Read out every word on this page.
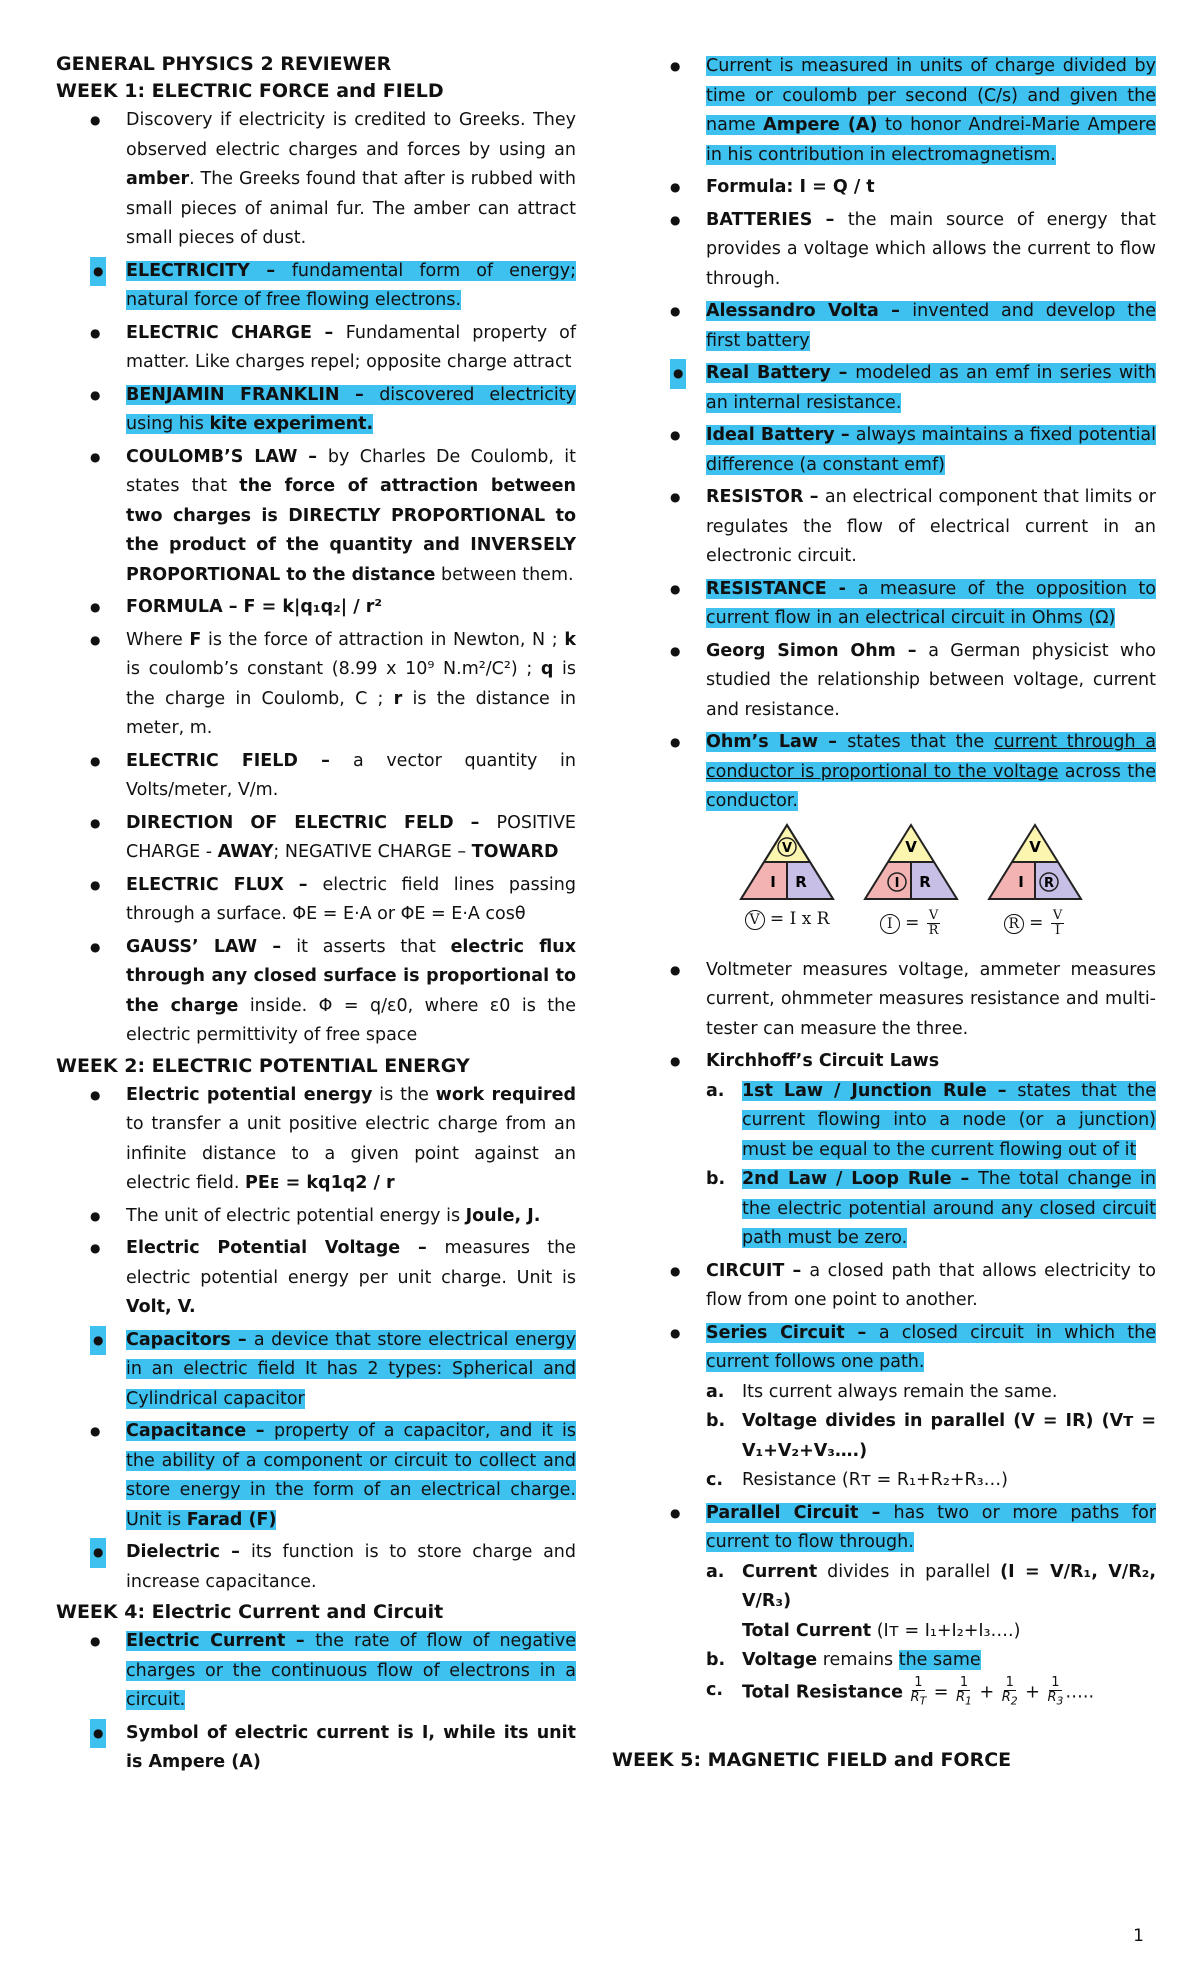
GENERAL PHYSICS 2 REVIEWER
WEEK 1: ELECTRIC FORCE and FIELD
● Discovery if electricity is credited to Greeks. They observed electric charges and forces by using an amber. The Greeks found that after is rubbed with small pieces of animal fur. The amber can attract small pieces of dust.
● ELECTRICITY – fundamental form of energy; natural force of free flowing electrons.
● ELECTRIC CHARGE – Fundamental property of matter. Like charges repel; opposite charge attract
● BENJAMIN FRANKLIN – discovered electricity using his kite experiment.
● COULOMB’S LAW – by Charles De Coulomb, it states that the force of attraction between two charges is DIRECTLY PROPORTIONAL to the product of the quantity and INVERSELY PROPORTIONAL to the distance between them.
● FORMULA – F = k|q₁q₂| / r²
● Where F is the force of attraction in Newton, N ; k is coulomb’s constant (8.99 x 10⁹ N.m²/C²) ; q is the charge in Coulomb, C ; r is the distance in meter, m.
● ELECTRIC FIELD – a vector quantity in Volts/meter, V/m.
● DIRECTION OF ELECTRIC FELD – POSITIVE CHARGE - AWAY; NEGATIVE CHARGE – TOWARD
● ELECTRIC FLUX – electric field lines passing through a surface. ΦE = E·A or ΦE = E·A cosθ
● GAUSS’ LAW – it asserts that electric flux through any closed surface is proportional to the charge inside. Φ = q/ε0, where ε0 is the electric permittivity of free space
WEEK 2: ELECTRIC POTENTIAL ENERGY
● Electric potential energy is the work required to transfer a unit positive electric charge from an infinite distance to a given point against an electric field. PEᴇ = kq1q2 / r
● The unit of electric potential energy is Joule, J.
● Electric Potential Voltage – measures the electric potential energy per unit charge. Unit is Volt, V.
● Capacitors – a device that store electrical energy in an electric field It has 2 types: Spherical and Cylindrical capacitor
● Capacitance – property of a capacitor, and it is the ability of a component or circuit to collect and store energy in the form of an electrical charge. Unit is Farad (F)
● Dielectric – its function is to store charge and increase capacitance.
WEEK 4: Electric Current and Circuit
● Electric Current – the rate of flow of negative charges or the continuous flow of electrons in a circuit.
● Symbol of electric current is I, while its unit is Ampere (A)
● Current is measured in units of charge divided by time or coulomb per second (C/s) and given the name Ampere (A) to honor Andrei-Marie Ampere in his contribution in electromagnetism.
● Formula: I = Q / t
● BATTERIES – the main source of energy that provides a voltage which allows the current to flow through.
● Alessandro Volta – invented and develop the first battery
● Real Battery – modeled as an emf in series with an internal resistance.
● Ideal Battery – always maintains a fixed potential difference (a constant emf)
● RESISTOR – an electrical component that limits or regulates the flow of electrical current in an electronic circuit.
● RESISTANCE - a measure of the opposition to current flow in an electrical circuit in Ohms (Ω)
● Georg Simon Ohm – a German physicist who studied the relationship between voltage, current and resistance.
● Ohm’s Law – states that the current through a conductor is proportional to the voltage across the conductor.
V
I R
V = I x R
V
I R
$I = \frac{V}{R}$
V
I R
$R = \frac{V}{I}$
● Voltmeter measures voltage, ammeter measures current, ohmmeter measures resistance and multi-tester can measure the three.
● Kirchhoff’s Circuit Laws
a. 1st Law / Junction Rule – states that the current flowing into a node (or a junction) must be equal to the current flowing out of it
b. 2nd Law / Loop Rule – The total change in the electric potential around any closed circuit path must be zero.
● CIRCUIT – a closed path that allows electricity to flow from one point to another.
● Series Circuit – a closed circuit in which the current follows one path.
a. Its current always remain the same.
b. Voltage divides in parallel (V = IR) (Vᴛ = V₁+V₂+V₃….)
c. Resistance (Rᴛ = R₁+R₂+R₃…)
● Parallel Circuit – has two or more paths for current to flow through.
a. Current divides in parallel (I = V/R₁, V/R₂, V/R₃)
Total Current (Iᴛ = I₁+I₂+I₃….)
b. Voltage remains the same
c. Total Resistance $\frac{1}{R_T} = \frac{1}{R_1} + \frac{1}{R_2} + \frac{1}{R_3}$ …..
WEEK 5: MAGNETIC FIELD and FORCE
1
